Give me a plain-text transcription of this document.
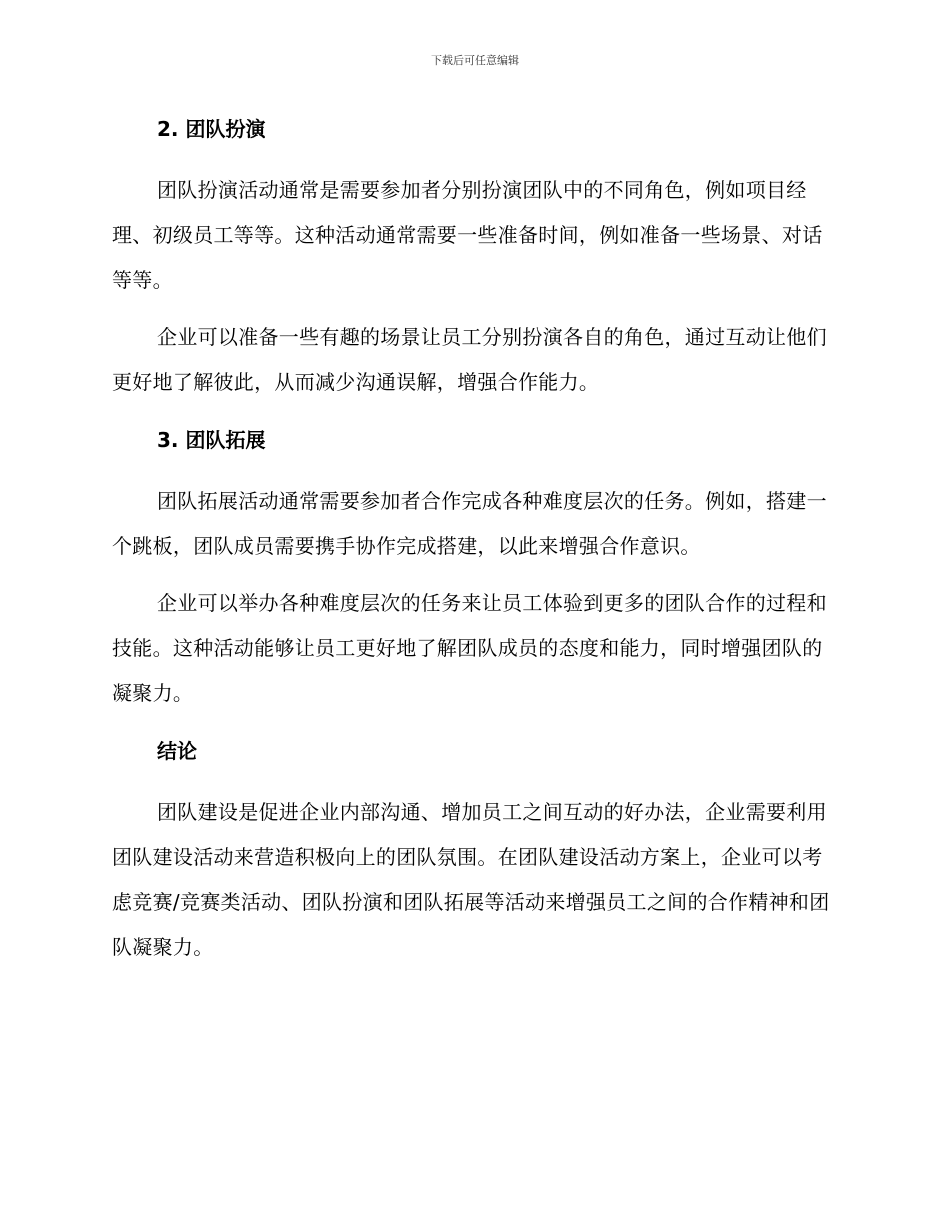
下载后可任意编辑
2. 团队扮演

团队扮演活动通常是需要参加者分别扮演团队中的不同角色，例如项目经理、初级员工等等。这种活动通常需要一些准备时间，例如准备一些场景、对话等等。

企业可以准备一些有趣的场景让员工分别扮演各自的角色，通过互动让他们更好地了解彼此，从而减少沟通误解，增强合作能力。

3. 团队拓展

团队拓展活动通常需要参加者合作完成各种难度层次的任务。例如，搭建一个跳板，团队成员需要携手协作完成搭建，以此来增强合作意识。

企业可以举办各种难度层次的任务来让员工体验到更多的团队合作的过程和技能。这种活动能够让员工更好地了解团队成员的态度和能力，同时增强团队的凝聚力。

结论

团队建设是促进企业内部沟通、增加员工之间互动的好办法，企业需要利用团队建设活动来营造积极向上的团队氛围。在团队建设活动方案上，企业可以考虑竞赛/竞赛类活动、团队扮演和团队拓展等活动来增强员工之间的合作精神和团队凝聚力。
